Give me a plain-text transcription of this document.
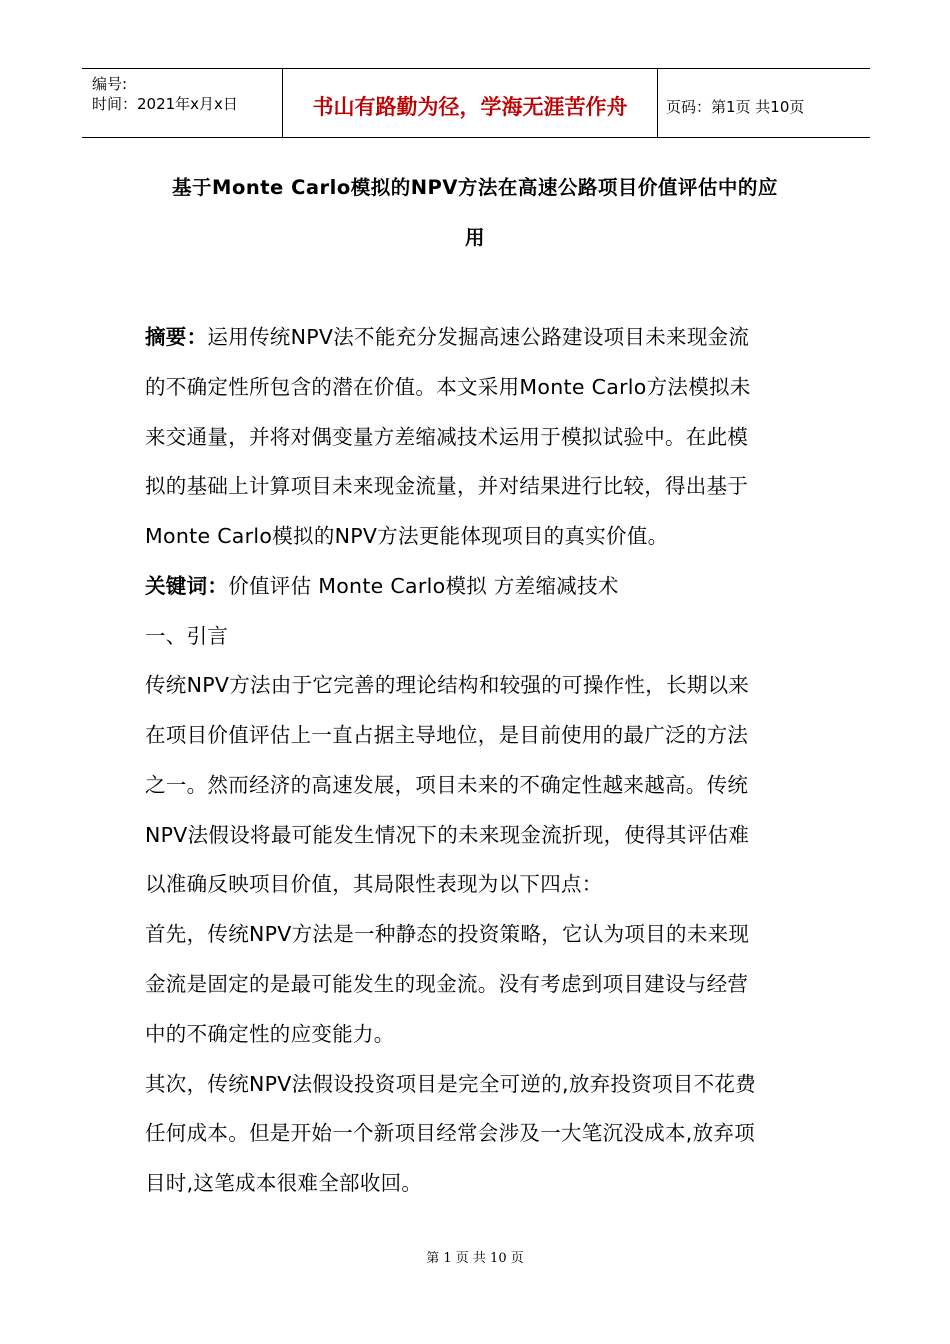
编号:
时间：2021年x月x日	书山有路勤为径，学海无涯苦作舟	页码：第1页 共10页
基于Monte Carlo模拟的NPV方法在高速公路项目价值评估中的应
用
摘要：运用传统NPV法不能充分发掘高速公路建设项目未来现金流
的不确定性所包含的潜在价值。本文采用Monte Carlo方法模拟未
来交通量，并将对偶变量方差缩减技术运用于模拟试验中。在此模
拟的基础上计算项目未来现金流量，并对结果进行比较，得出基于
Monte Carlo模拟的NPV方法更能体现项目的真实价值。
关键词：价值评估 Monte Carlo模拟 方差缩减技术
一、引言
传统NPV方法由于它完善的理论结构和较强的可操作性，长期以来
在项目价值评估上一直占据主导地位，是目前使用的最广泛的方法
之一。然而经济的高速发展，项目未来的不确定性越来越高。传统
NPV法假设将最可能发生情况下的未来现金流折现，使得其评估难
以准确反映项目价值，其局限性表现为以下四点：
首先，传统NPV方法是一种静态的投资策略，它认为项目的未来现
金流是固定的是最可能发生的现金流。没有考虑到项目建设与经营
中的不确定性的应变能力。
其次，传统NPV法假设投资项目是完全可逆的,放弃投资项目不花费
任何成本。但是开始一个新项目经常会涉及一大笔沉没成本,放弃项
目时,这笔成本很难全部收回。
第 1 页 共 10 页
